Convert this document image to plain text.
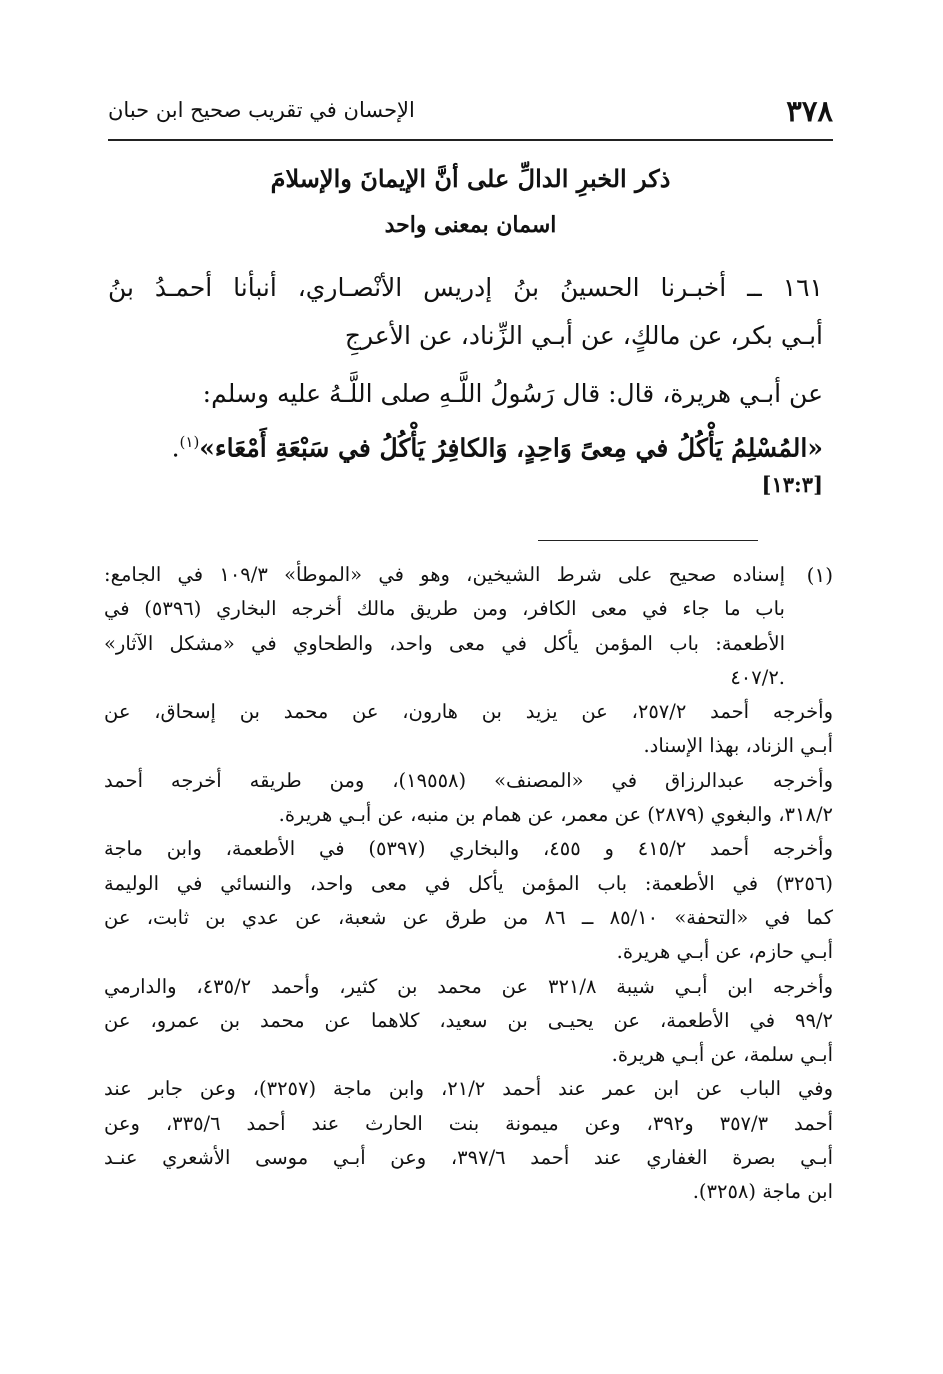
٣٧٨
الإحسان في تقريب صحيح ابن حبان
ذكر الخبرِ الدالِّ على أنَّ الإيمانَ والإسلامَ
اسمان بمعنى واحد
١٦١ ــ أخبـرنا الحسينُ بنُ إدريس الأنْصـاري، أنبأنا أحمـدُ بنُ
أبـي بكر، عن مالكٍ، عن أبـي الزِّناد، عن الأعرجِ
عن أبـي هريرة، قال: قال رَسُولُ اللَّـهِ صلى اللَّـهُ عليه وسلم:
«المُسْلِمُ يَأْكُلُ في مِعىً وَاحِدٍ، وَالكافِرُ يَأْكُلُ في سَبْعَةِ أَمْعَاء»$^{(١)}$.
[١٣:٣]
(١)
إسناده صحيح على شرط الشيخين، وهو في «الموطأ» ١٠٩/٣ في الجامع:
باب ما جاء في معى الكافر، ومن طريق مالك أخرجه البخاري (٥٣٩٦) في
الأطعمة: باب المؤمن يأكل في معى واحد، والطحاوي في «مشكل الآثار»
.٤٠٧/٢
وأخرجه أحمد ٢٥٧/٢، عن يزيد بن هارون، عن محمد بن إسحاق، عن
أبـي الزناد، بهذا الإسناد.
وأخرجه عبدالرزاق في «المصنف» (١٩٥٥٨)، ومن طريقه أخرجه أحمد
٣١٨/٢، والبغوي (٢٨٧٩) عن معمر، عن همام بن منبه، عن أبـي هريرة.
وأخرجه أحمد ٤١٥/٢ و ٤٥٥، والبخاري (٥٣٩٧) في الأطعمة، وابن ماجة
(٣٢٥٦) في الأطعمة: باب المؤمن يأكل في معى واحد، والنسائي في الوليمة
كما في «التحفة» ٨٥/١٠ ــ ٨٦ من طرق عن شعبة، عن عدي بن ثابت، عن
أبـي حازم، عن أبـي هريرة.
وأخرجه ابن أبـي شيبة ٣٢١/٨ عن محمد بن كثير، وأحمد ٤٣٥/٢، والدارمي
٩٩/٢ في الأطعمة، عن يحيـى بن سعيد، كلاهما عن محمد بن عمرو، عن
أبـي سلمة، عن أبـي هريرة.
وفي الباب عن ابن عمر عند أحمد ٢١/٢، وابن ماجة (٣٢٥٧)، وعن جابر عند
أحمد ٣٥٧/٣ و٣٩٢، وعن ميمونة بنت الحارث عند أحمد ٣٣٥/٦، وعن
أبـي بصرة الغفاري عند أحمد ٣٩٧/٦، وعن أبـي موسى الأشعري عنـد
ابن ماجة (٣٢٥٨).
